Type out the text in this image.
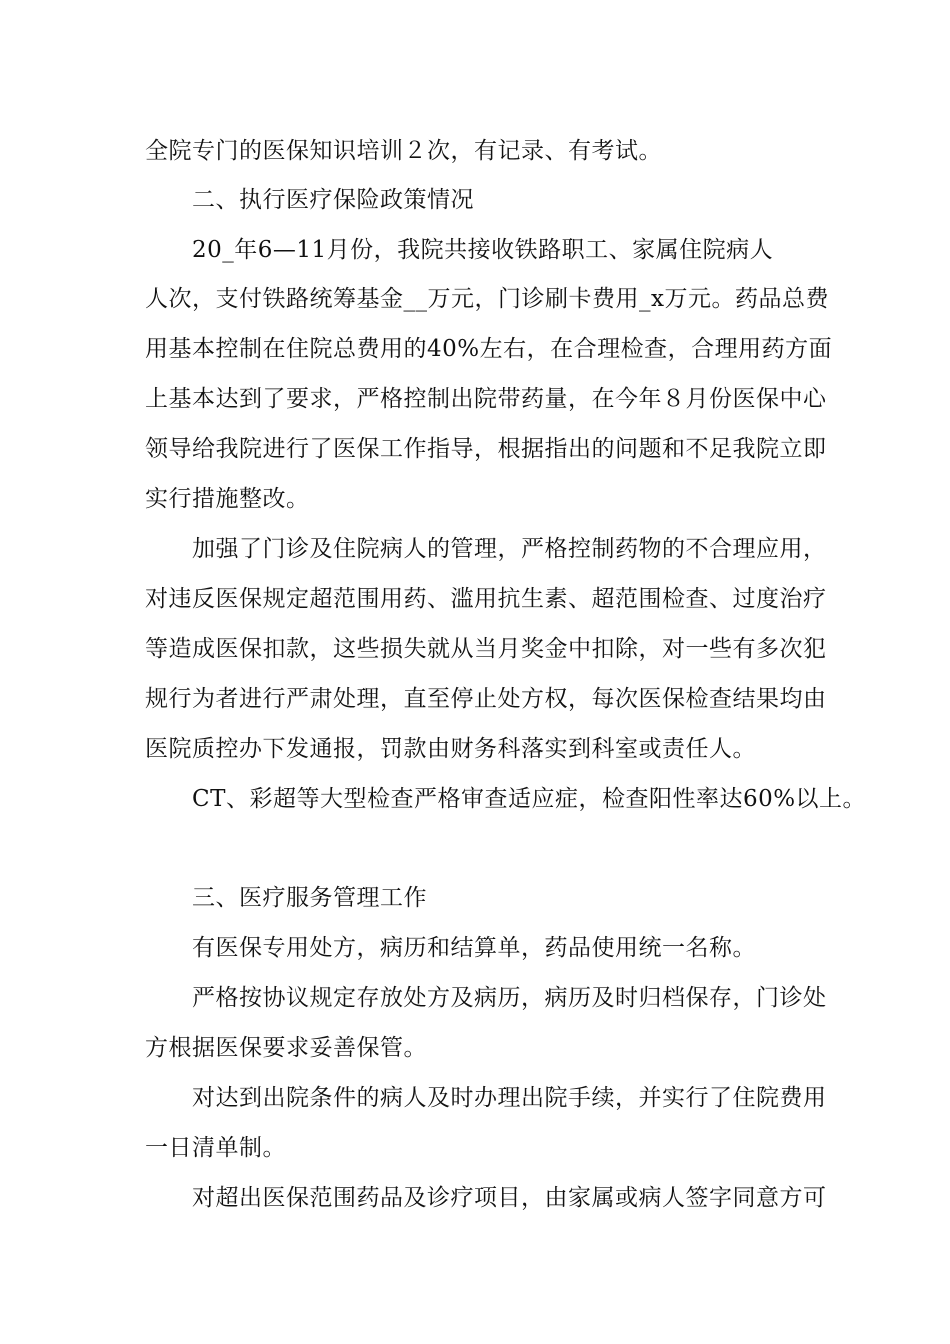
全院专门的医保知识培训２次，有记录、有考试。
二、执行医疗保险政策情况
20_年6—11月份，我院共接收铁路职工、家属住院病人
人次，支付铁路统筹基金__万元，门诊刷卡费用_x万元。药品总费
用基本控制在住院总费用的40%左右，在合理检查，合理用药方面
上基本达到了要求，严格控制出院带药量，在今年８月份医保中心
领导给我院进行了医保工作指导，根据指出的问题和不足我院立即
实行措施整改。
加强了门诊及住院病人的管理，严格控制药物的不合理应用，
对违反医保规定超范围用药、滥用抗生素、超范围检查、过度治疗
等造成医保扣款，这些损失就从当月奖金中扣除，对一些有多次犯
规行为者进行严肃处理，直至停止处方权，每次医保检查结果均由
医院质控办下发通报，罚款由财务科落实到科室或责任人。
CT、彩超等大型检查严格审查适应症，检查阳性率达60%以上。
三、医疗服务管理工作
有医保专用处方，病历和结算单，药品使用统一名称。
严格按协议规定存放处方及病历，病历及时归档保存，门诊处
方根据医保要求妥善保管。
对达到出院条件的病人及时办理出院手续，并实行了住院费用
一日清单制。
对超出医保范围药品及诊疗项目，由家属或病人签字同意方可
